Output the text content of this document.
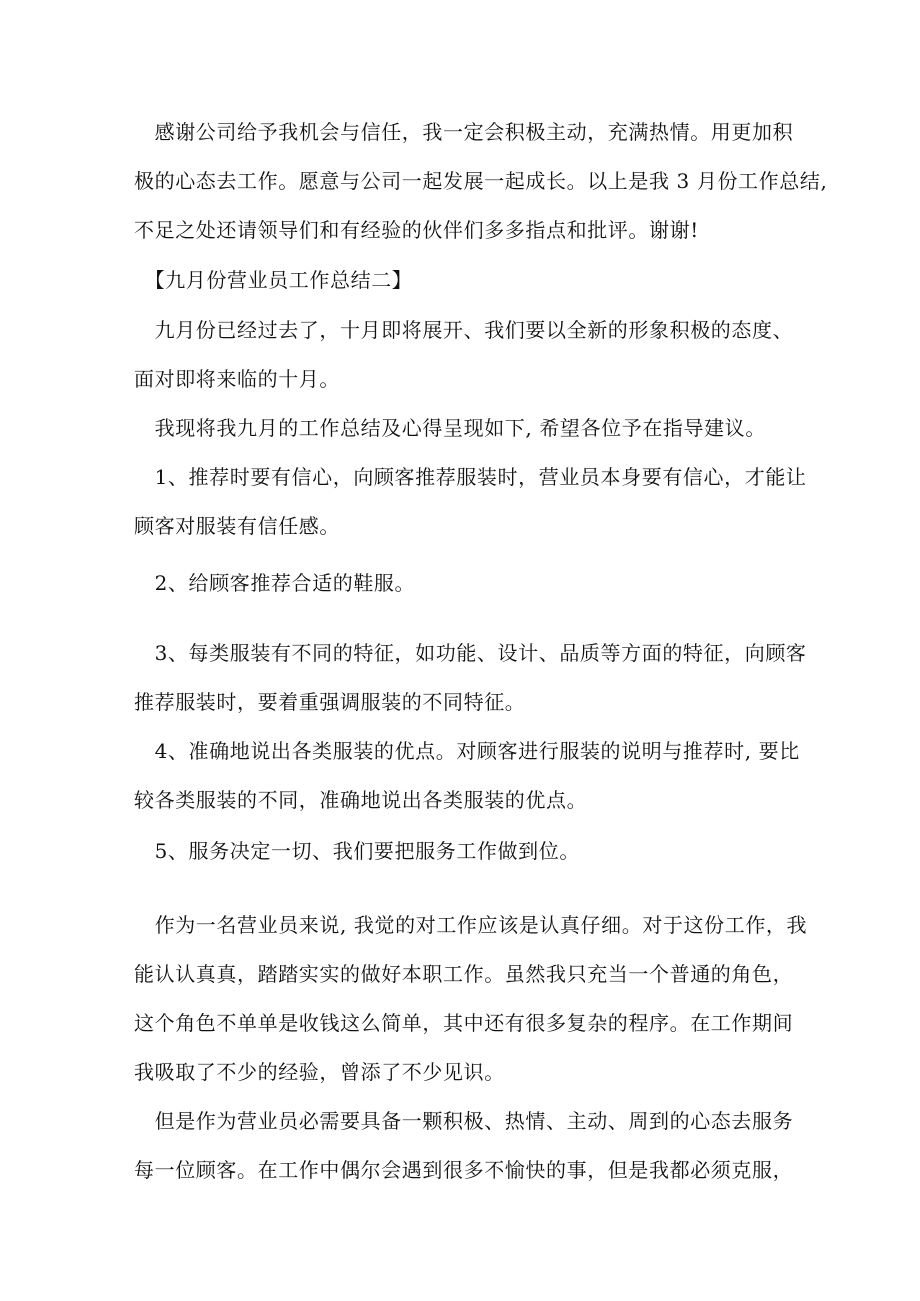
　感谢公司给予我机会与信任，我一定会积极主动，充满热情。用更加积
极的心态去工作。愿意与公司一起发展一起成长。以上是我 3 月份工作总结,
不足之处还请领导们和有经验的伙伴们多多指点和批评。谢谢!
　【九月份营业员工作总结二】
　九月份已经过去了，十月即将展开、我们要以全新的形象积极的态度、
面对即将来临的十月。
　我现将我九月的工作总结及心得呈现如下, 希望各位予在指导建议。
　1、推荐时要有信心，向顾客推荐服装时，营业员本身要有信心，才能让
顾客对服装有信任感。
　2、给顾客推荐合适的鞋服。
　3、每类服装有不同的特征，如功能、设计、品质等方面的特征，向顾客
推荐服装时，要着重强调服装的不同特征。
　4、准确地说出各类服装的优点。对顾客进行服装的说明与推荐时, 要比
较各类服装的不同，准确地说出各类服装的优点。
　5、服务决定一切、我们要把服务工作做到位。
　作为一名营业员来说, 我觉的对工作应该是认真仔细。对于这份工作，我
能认认真真，踏踏实实的做好本职工作。虽然我只充当一个普通的角色，
这个角色不单单是收钱这么简单，其中还有很多复杂的程序。在工作期间
我吸取了不少的经验，曾添了不少见识。
　但是作为营业员必需要具备一颗积极、热情、主动、周到的心态去服务
每一位顾客。在工作中偶尔会遇到很多不愉快的事，但是我都必须克服，
